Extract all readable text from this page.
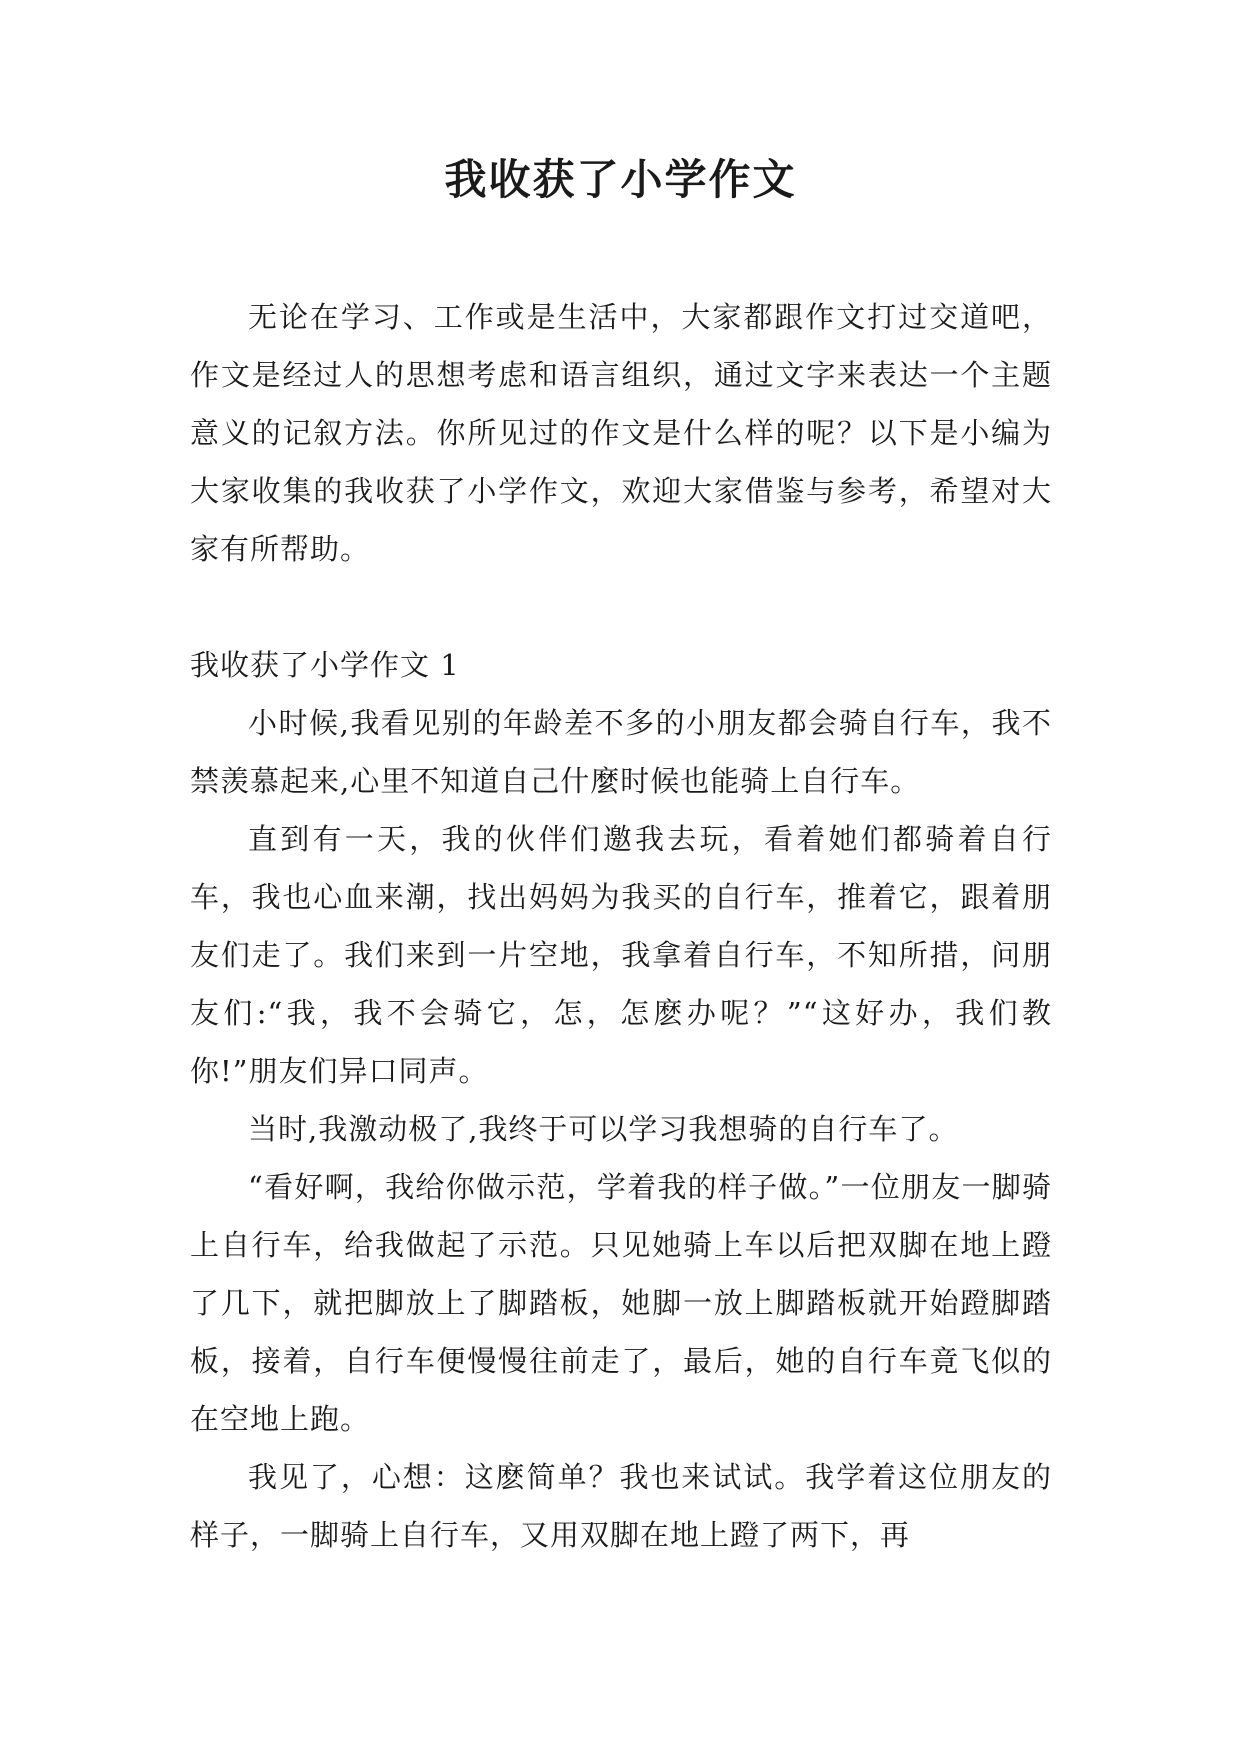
我收获了小学作文

无论在学习、工作或是生活中，大家都跟作文打过交道吧，作文是经过人的思想考虑和语言组织，通过文字来表达一个主题意义的记叙方法。你所见过的作文是什么样的呢？以下是小编为大家收集的我收获了小学作文，欢迎大家借鉴与参考，希望对大家有所帮助。

我收获了小学作文 1

小时候,我看见别的年龄差不多的小朋友都会骑自行车，我不禁羡慕起来,心里不知道自己什麼时候也能骑上自行车。

直到有一天，我的伙伴们邀我去玩，看着她们都骑着自行车，我也心血来潮，找出妈妈为我买的自行车，推着它，跟着朋友们走了。我们来到一片空地，我拿着自行车，不知所措，问朋友们:“我，我不会骑它，怎，怎麽办呢？”“这好办，我们教你!”朋友们异口同声。

当时,我激动极了,我终于可以学习我想骑的自行车了。

“看好啊，我给你做示范，学着我的样子做。”一位朋友一脚骑上自行车，给我做起了示范。只见她骑上车以后把双脚在地上蹬了几下，就把脚放上了脚踏板，她脚一放上脚踏板就开始蹬脚踏板，接着，自行车便慢慢往前走了，最后，她的自行车竟飞似的在空地上跑。

我见了，心想：这麽简单？我也来试试。我学着这位朋友的样子，一脚骑上自行车，又用双脚在地上蹬了两下，再
